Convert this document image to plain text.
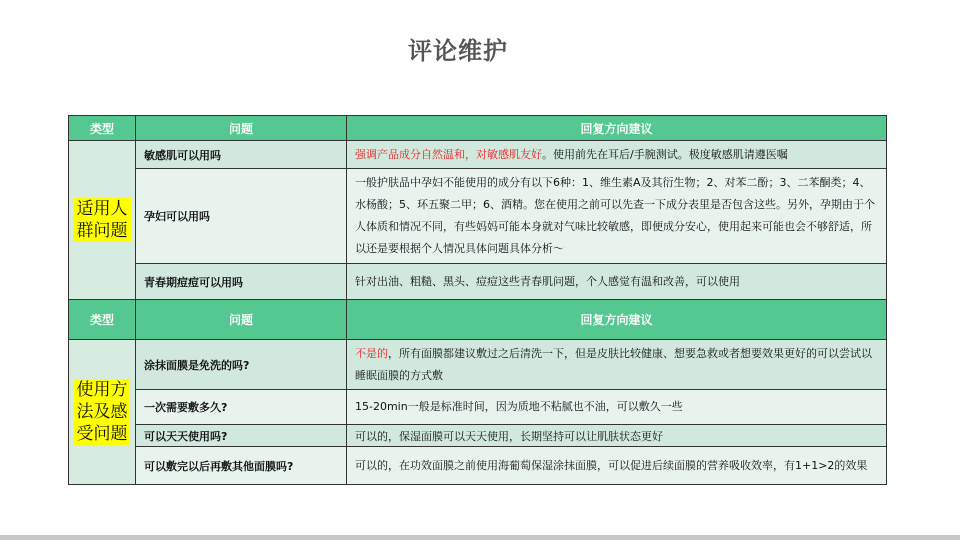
评论维护
类型	问题	回复方向建议
适用人群问题	敏感肌可以用吗	强调产品成分自然温和，对敏感肌友好。使用前先在耳后/手腕测试。极度敏感肌请遵医嘱
	孕妇可以用吗	一般护肤品中孕妇不能使用的成分有以下6种：1、维生素A及其衍生物；2、对苯二酚；3、二苯酮类；4、水杨酸；5、环五聚二甲；6、酒精。您在使用之前可以先查一下成分表里是否包含这些。另外，孕期由于个人体质和情况不同，有些妈妈可能本身就对气味比较敏感，即便成分安心，使用起来可能也会不够舒适，所以还是要根据个人情况具体问题具体分析～
	青春期痘痘可以用吗	针对出油、粗糙、黑头、痘痘这些青春肌问题，个人感觉有温和改善，可以使用
类型	问题	回复方向建议
使用方法及感受问题	涂抹面膜是免洗的吗?	不是的，所有面膜都建议敷过之后清洗一下，但是皮肤比较健康、想要急救或者想要效果更好的可以尝试以睡眠面膜的方式敷
	一次需要敷多久?	15-20min一般是标准时间，因为质地不粘腻也不油，可以敷久一些
	可以天天使用吗?	可以的，保湿面膜可以天天使用，长期坚持可以让肌肤状态更好
	可以敷完以后再敷其他面膜吗?	可以的，在功效面膜之前使用海葡萄保湿涂抹面膜，可以促进后续面膜的营养吸收效率，有1+1>2的效果
